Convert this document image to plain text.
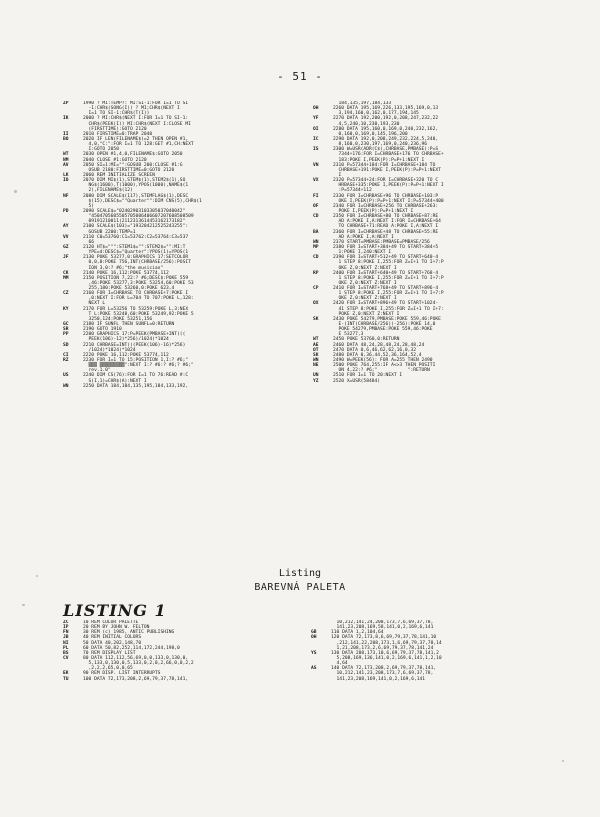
- 51 -
ZP	1990 ? MI:TEMP?: MI:SI-1:FOR I=1 TO SI
-1:CHR$(SONG(I)) ? MI;CHR$(NEXT I
I=1 TO SI-1:CHR$(T(I))
IK	2000 ? MI:CHR$(NEXT I:FOR I=1 TO SI-1:
CHR$(PEEK(I)) MI:CHR$(NEXT I:CLOSE MI
(FIRSTTIME):GOTO 2120
II	2010 FIRSTIME=0:TRAP 2040
BO	2020 IF LEN(FILENAME$)=2 THEN OPEN #1,
4,0,"C:":FOR I=1 TO 128:GET #1,CH:NEXT
I:GOTO 2050
WT	2030 OPEN #1,4,0,FILENAME$:GOTO 2050
NM	2040 CLOSE #1:GOTO 2120
AV	2050 SI=1:MI="":GOSUB 200:CLOSE #1:G
OSUB 2180:FIRSTTIME=0:GOTO 2120
LK	2060 REM INITIALIZE SCREEN
IO	2070 DIM MI$(1),STEM$(1),STEM2$(1),SO
NG$(1600),T(1000),YPOS(1000),NAME$(1
2),FILENAME$(12)
NF	2080 DIM SCALE$(117),STEMFLAG$(1),DESC
$(15),DESC$=""Quarter"":DIM CNS(5),CHR$(1
5)
PD	2090 SCALE$="02402903103305037040042"
"4504705605505705006406607207608508509
09191210011(2112313614453162173182"
AY	2100 SCALE$(103)="193204212525243255":
GOSUB 2200:TEMP=1
VV	2110 C0=53760:C1=53762:C2=53764:C3=537
66
GZ	2120 HT$=""":STEM1$="":STEM2$="":MI:T
YPE=4:DESC$="Quarter":YPOS(1)=YPOS(1
JF	2130 POKE 53277,0:GRAPHICS 17:SETCOLOR
0,0,0:POKE 756,INT(CHRBASE/256):POSIT
ION 3,0:? #6;"the musician"
CK	2140 POKE 16,112:POKE 53774,112
MM	2150 POSITION 7,22:? #6;DESC$:POKE 559
,46:POKE 53277,3:POKE 53254,60:POKE 53
255,180:POKE 53260,0:POKE 623,4
CZ	2160 FOR I=CHRBASE TO CHRBASE+7:POKE I
,0:NEXT I:FOR L=704 TO 707:POKE L,128:
NEXT L
KY	2170 FOR L=53256 TO 53259:POKE L,3:NEX
T L:POKE 53248,60:POKE 53249,92:POKE 5
3250,124:POKE 53251,156
GC	2180 IF SUNFL THEN SUNFL=0:RETURN
SR	2190 GOTO 1910
PP	2200 GRAPHICS 17:P=PEEK(PMBASE+INT(((
PEEK(106)-12)*256)/1024)*1024
SD	2210 CHRBASE=INT(((PEEK(106)-16)*256)
/1024)*1024)*1024
CI	2220 POKE 16,112:POKE 53774,112
RZ	2230 FOR I=1 TO 15:POSITION 1,I:? #6;"
▒▒▒ ▒▒▒▒▒▒▒▒▒":NEXT I:? #6:? #6;? #6;"
rev.1.0"
US	2240 DIM CS(76):FOR I=1 TO 76:READ #:C
S(I,1)=CHR$(A):NEXT I
WN	2250 DATA 184,184,135,195,184,133,192,
184,135,197,184,133
OH	2260 DATA 195,169,226,133,195,169,0,13
3,194,160,0,162,0,177,194,145
YF	2270 DATA 192,200,192,0,208,247,232,22
4,5,240,10,230,193,230
OI	2280 DATA 195,160,0,169,0,240,232,162,
0,160,0,169,0,145,196,200
IC	2290 DATA 192,0,208,249,232,224,5,240,
8,160,0,230,197,169,0,240,236,96
IS	2300 W=USR(ADR(C$),CHRBASE,PMBASE):P=S
7344+176:FOR I=CHRBASE+176 TO CHRBASE+
183:POKE I,PEEK(P):P=P+1:NEXT I
VN	2310 P=57344+184:FOR I=CHRBASE+184 TO
CHRBASE+191:POKE I,PEEK(P):P=P+1:NEXT
I
VX	2320 P=57344+24:FOR I=CHRBASE+320 TO C
HRBASE+335:POKE I,PEEK(P):P=P+1:NEXT I
:P=57344+112
FI	2330 FOR I=CHRBASE+96 TO CHRBASE+103:P
OKE I,PEEK(P):P=P+1:NEXT I:P=57344+400
OF	2340 FOR I=CHRBASE+256 TO CHRBASE+263:
POKE I,PEEK(P):P=P+1:NEXT I
CD	2350 FOR I=CHRBASE+80 TO CHRBASE+87:RE
AD A:POKE I,A:NEXT I:FOR I=CHRBASE+64
TO CHRBASE+71:READ A:POKE I,A:NEXT I
BA	2360 FOR I=CHRBASE+48 TO CHRBASE+55:RE
AD A:POKE I,A:NEXT I
WN	2370 START=PMBASE:PMBASE=PMBASE/256
MP	2380 FOR I=START+384+49 TO START+384+5
1:POKE I,240:NEXT I
CD	2390 FOR I=START+512+49 TO START+640-4
1 STEP 8:POKE I,255:FOR Z=I+1 TO I+7:P
OKE Z,0:NEXT Z:NEXT I
RP	2400 FOR I=START+640+49 TO START+768-4
1 STEP 8:POKE I,255:FOR Z=I+1 TO I+7:P
OKE Z,0:NEXT Z:NEXT I
CP	2410 FOR I=START+768+49 TO START+896-4
1 STEP 8:POKE I,255:FOR Z=I+1 TO I+7:P
OKE Z,0:NEXT Z:NEXT I
OX	2420 FOR I=START+896+49 TO START+1024-
41 STEP 8:POKE I,255:FOR Z=I+1 TO I+7:
POKE Z,0:NEXT Z:NEXT I
SK	2430 POKE 54279,PMBASE:POKE 559,46:POKE
E-(INT(CHRBASE/256))-256):POKE 14,0
POKE 54279,PMBASE:POKE 559,46:POKE
E 53277,3
WT	2450 POKE 53760,0:RETURN
AE	2460 DATA 48,24,28,48,24,28,48,24
OT	2470 DATA 0,6,46,62,62,16,0,32
SK	2480 DATA 0,36,44,52,36,164,52,4
WN	2490 W=PEEK(56): FOR A=255 THEN 2490
NE	2500 POKE 764,255:IF A<>3 THEN POSITI
ON 4,22:? #6;"           ":RETURN
UN	2510 FOR I=1 TO 20:NEXT I
YZ	2520 X=USR(58484)
Listing
BAREVNÁ PALETA
LISTING 1
ZC	10 REM COLOR PALETTE
IP	20 REM BY JOHN W. FELTON
FN	30 REM (c) 1985, ANTIC PUBLISHING
JB	40 REM INITIAL COLORS
NI	50 DATA 40,202,148,70
PL	60 DATA 50,82,252,114,172,244,198,0
BS	70 REM DISPLAY LIST
CV	80 DATA 112,112,56,69,0,0,133,0,130,0,
5,133,0,130,0,5,133,0,2,0,2,66,0,0,2,2
,2,2,2,65,0,0,65
EK	90 REM DISP. LIST INTERRUPTS
TU	100 DATA 72,173,208,2,69,79,37,78,141,
10,212,141,24,208,173,7,6,69,37,78,
141,23,208,169,58,141,0,2,169,6,141
GB	110 DATA 1,2,104,64
OH	120 DATA 72,173,8,6,69,79,37,78,141,10
,212,141,22,208,173,1,6,69,79,37,78,14
1,21,208,173,2,6,69,79,37,78,141,24
YS	130 DATA 208,173,10,6,69,79,37,78,141,2
5,208,169,136,141,0,2,169,6,141,1,2,10
4,64
AS	140 DATA 72,173,208,2,69,79,37,78,141,
10,212,141,23,208,173,7,6,69,37,78,
141,23,208,169,141,0,2,169,6,141
